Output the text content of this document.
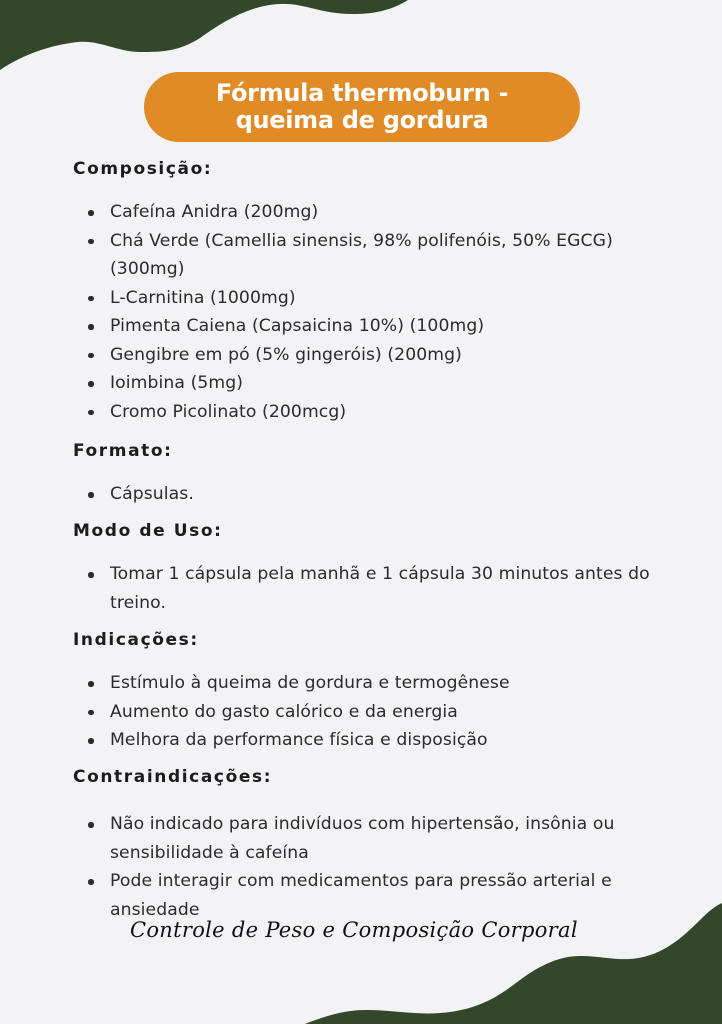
Fórmula thermoburn -
queima de gordura
Composição:
Cafeína Anidra (200mg)
Chá Verde (Camellia sinensis, 98% polifenóis, 50% EGCG) (300mg)
L-Carnitina (1000mg)
Pimenta Caiena (Capsaicina 10%) (100mg)
Gengibre em pó (5% gingeróis) (200mg)
Ioimbina (5mg)
Cromo Picolinato (200mcg)
Formato:
Cápsulas.
Modo de Uso:
Tomar 1 cápsula pela manhã e 1 cápsula 30 minutos antes do treino.
Indicações:
Estímulo à queima de gordura e termogênese
Aumento do gasto calórico e da energia
Melhora da performance física e disposição
Contraindicações:
Não indicado para indivíduos com hipertensão, insônia ou sensibilidade à cafeína
Pode interagir com medicamentos para pressão arterial e ansiedade
Controle de Peso e Composição Corporal
